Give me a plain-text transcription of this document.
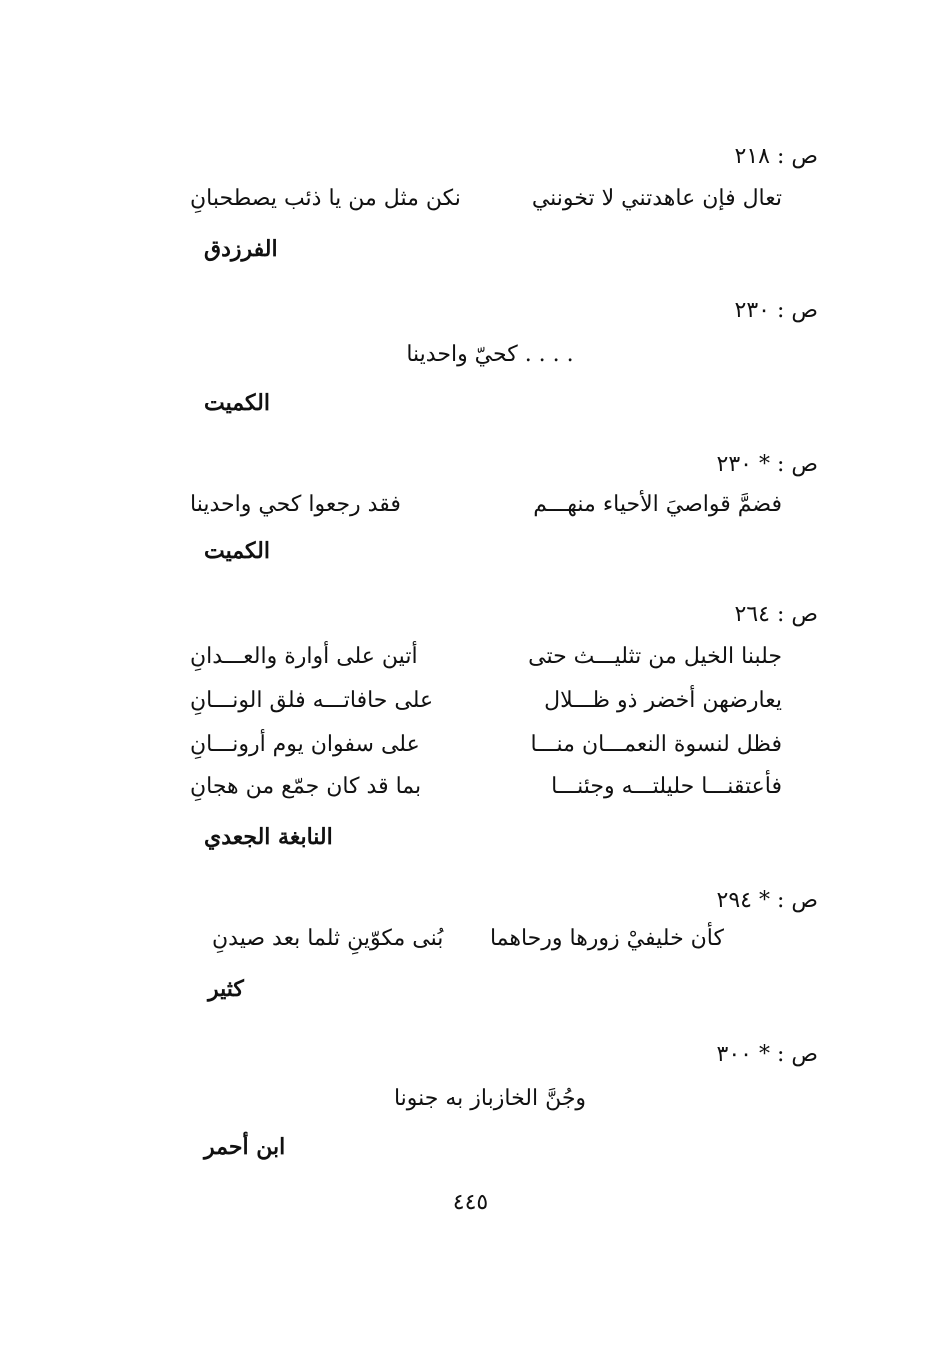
ص : ٢١٨
تعال فإن عاهدتني لا تخونني
نكن مثل من يا ذئب يصطحبانِ
الفرزدق
ص : ٢٣٠
. . . . كحيّ واحدينا
الكميت
ص : * ٢٣٠
فضمَّ قواصيَ الأحياء منهـــم
فقد رجعوا كحي واحدينا
الكميت
ص : ٢٦٤
جلبنا الخيل من تثليـــث حتى
أتين على أوارة والعـــدانِ
يعارضهن أخضر ذو ظـــلال
على حافاتـــه فلق الونـــانِ
فظل لنسوة النعمـــان منـــا
على سفوان يوم أرونـــانِ
فأعتقنـــا حليلتـــه وجئنـــا
بما قد كان جمّع من هجانِ
النابغة الجعدي
ص : * ٢٩٤
كأن خليفيْ زورها ورحاهما
بُنى مكوّينِ ثلما بعد صيدنِ
كثير
ص : * ٣٠٠
وجُنَّ الخازباز به جنونا
ابن أحمر
٤٤٥
